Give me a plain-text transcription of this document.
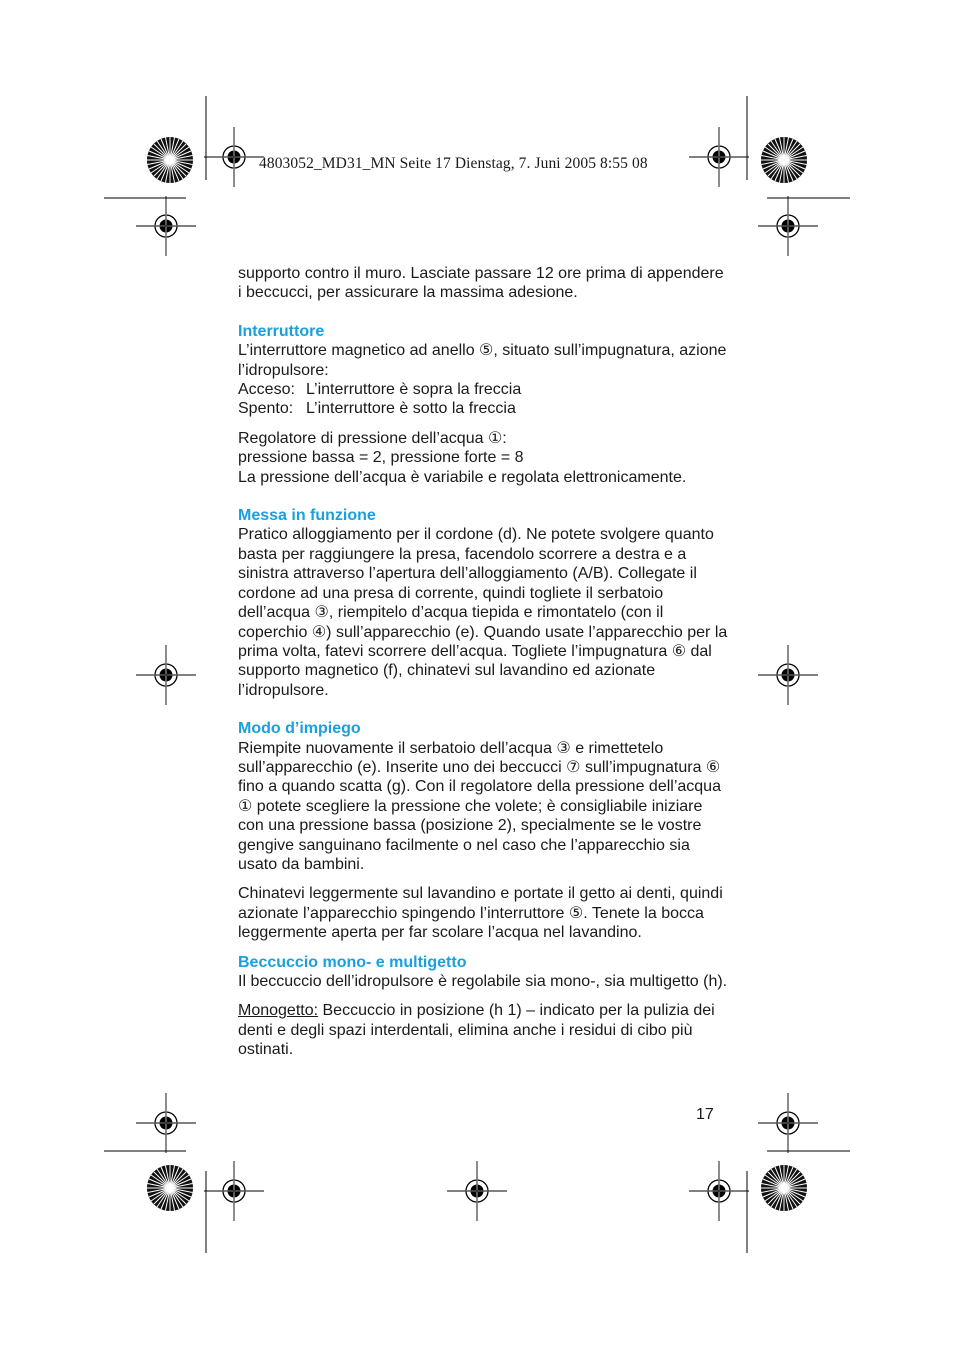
4803052_MD31_MN Seite 17 Dienstag, 7. Juni 2005 8:55 08

supporto contro il muro. Lasciate passare 12 ore prima di appendere i beccucci, per assicurare la massima adesione.

Interruttore

L’interruttore magnetico ad anello ⑤, situato sull’impugnatura, azione l’idropulsore:

Acceso: L’interruttore è sopra la freccia
Spento: L’interruttore è sotto la freccia

Regolatore di pressione dell’acqua ①:

pressione bassa = 2, pressione forte = 8

La pressione dell’acqua è variabile e regolata elettronicamente.

Messa in funzione

Pratico alloggiamento per il cordone (d). Ne potete svolgere quanto basta per raggiungere la presa, facendolo scorrere a destra e a sinistra attraverso l’apertura dell’alloggiamento (A/B). Collegate il cordone ad una presa di corrente, quindi togliete il serbatoio dell’acqua ③, riempitelo d’acqua tiepida e rimontatelo (con il coperchio ④) sull’apparecchio (e). Quando usate l’apparecchio per la prima volta, fatevi scorrere dell’acqua. Togliete l’impugnatura ⑥ dal supporto magnetico (f), chinatevi sul lavandino ed azionate l’idropulsore.

Modo d’impiego

Riempite nuovamente il serbatoio dell’acqua ③ e rimettetelo sull’apparecchio (e). Inserite uno dei beccucci ⑦ sull’impugnatura ⑥ fino a quando scatta (g). Con il regolatore della pressione dell’acqua ① potete scegliere la pressione che volete; è consigliabile iniziare con una pressione bassa (posizione 2), specialmente se le vostre gengive sanguinano facilmente o nel caso che l’apparecchio sia usato da bambini.

Chinatevi leggermente sul lavandino e portate il getto ai denti, quindi azionate l’apparecchio spingendo l’interruttore ⑤. Tenete la bocca leggermente aperta per far scolare l’acqua nel lavandino.

Beccuccio mono- e multigetto

Il beccuccio dell’idropulsore è regolabile sia mono-, sia multigetto (h).

Monogetto: Beccuccio in posizione (h 1) – indicato per la pulizia dei denti e degli spazi interdentali, elimina anche i residui di cibo più ostinati.

17
